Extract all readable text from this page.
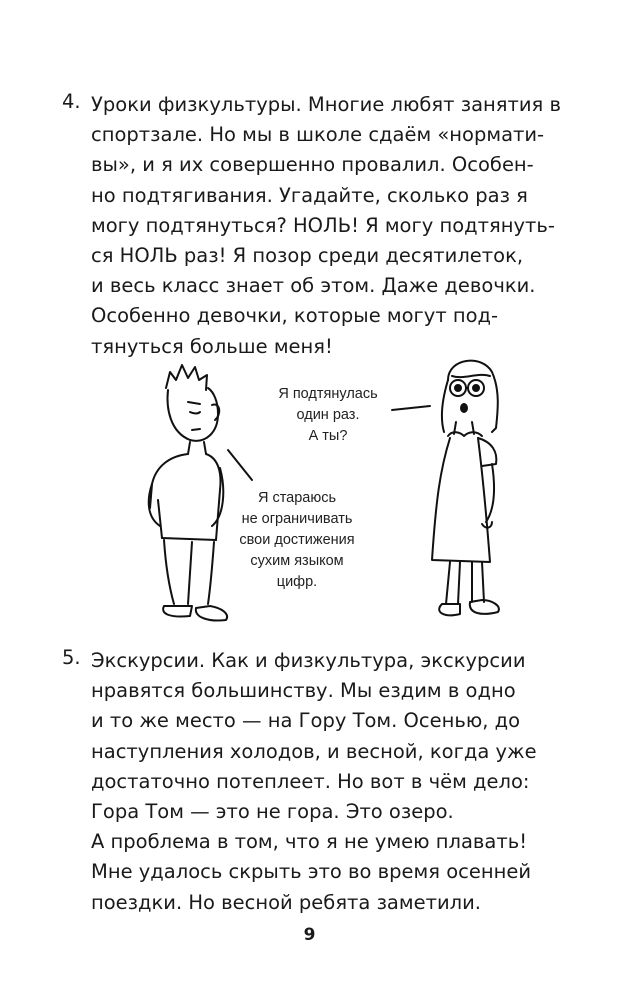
4. Уроки физкультуры. Многие любят занятия в
спортзале. Но мы в школе сдаём «нормати-
вы», и я их совершенно провалил. Особен-
но подтягивания. Угадайте, сколько раз я
могу подтянуться? НОЛЬ! Я могу подтянуть-
ся НОЛЬ раз! Я позор среди десятилеток,
и весь класс знает об этом. Даже девочки.
Особенно девочки, которые могут под-
тянуться больше меня!
Я подтянулась
один раз.
А ты?
Я стараюсь
не ограничивать
свои достижения
сухим языком
цифр.
5. Экскурсии. Как и физкультура, экскурсии
нравятся большинству. Мы ездим в одно
и то же место — на Гору Том. Осенью, до
наступления холодов, и весной, когда уже
достаточно потеплеет. Но вот в чём дело:
Гора Том — это не гора. Это озеро.
А проблема в том, что я не умею плавать!
Мне удалось скрыть это во время осенней
поездки. Но весной ребята заметили.
9
